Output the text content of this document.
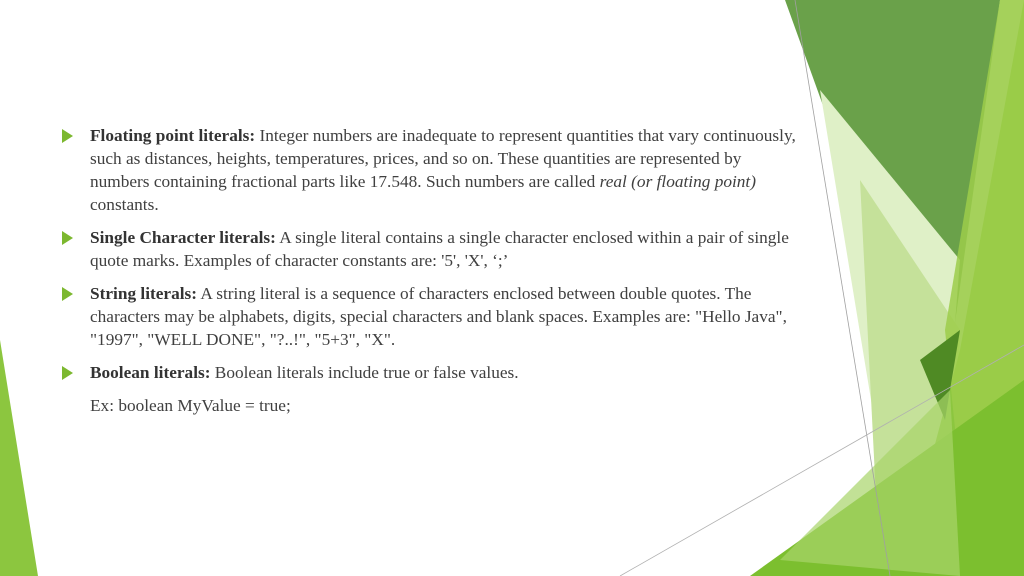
Floating point literals: Integer numbers are inadequate to represent quantities that vary continuously, such as distances, heights, temperatures, prices, and so on. These quantities are represented by numbers containing fractional parts like 17.548. Such numbers are called real (or floating point) constants.
Single Character literals: A single literal contains a single character enclosed within a pair of single quote marks. Examples of character constants are: '5', 'X', ‘;’
String literals: A string literal is a sequence of characters enclosed between double quotes. The characters may be alphabets, digits, special characters and blank spaces. Examples are: "Hello Java", "1997", "WELL DONE", "?..!", "5+3", "X".
Boolean literals: Boolean literals include true or false values.
Ex: boolean MyValue = true;
